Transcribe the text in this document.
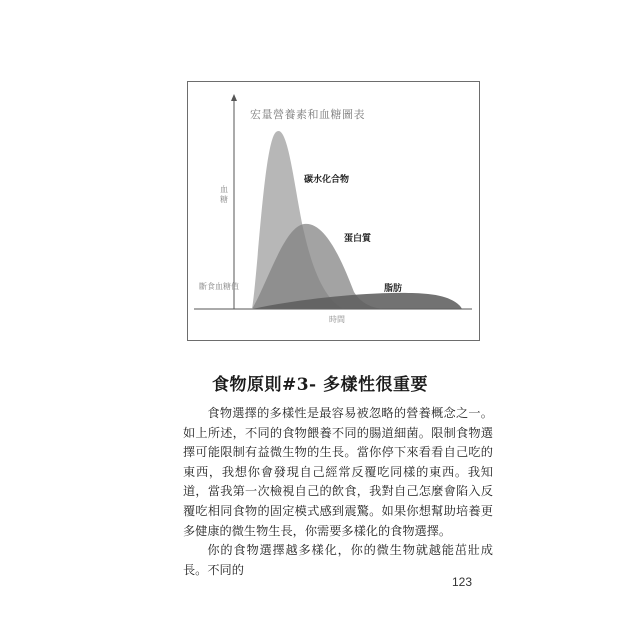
宏量營養素和血糖圖表
血糖
斷食血糖值
時間
碳水化合物
蛋白質
脂肪
食物原則#3- 多樣性很重要

食物選擇的多樣性是最容易被忽略的營養概念之一。如上所述，不同的食物餵養不同的腸道細菌。限制食物選擇可能限制有益微生物的生長。當你停下來看看自己吃的東西，我想你會發現自己經常反覆吃同樣的東西。我知道，當我第一次檢視自己的飲食，我對自己怎麼會陷入反覆吃相同食物的固定模式感到震驚。如果你想幫助培養更多健康的微生物生長，你需要多樣化的食物選擇。

你的食物選擇越多樣化，你的微生物就越能茁壯成長。不同的

123
